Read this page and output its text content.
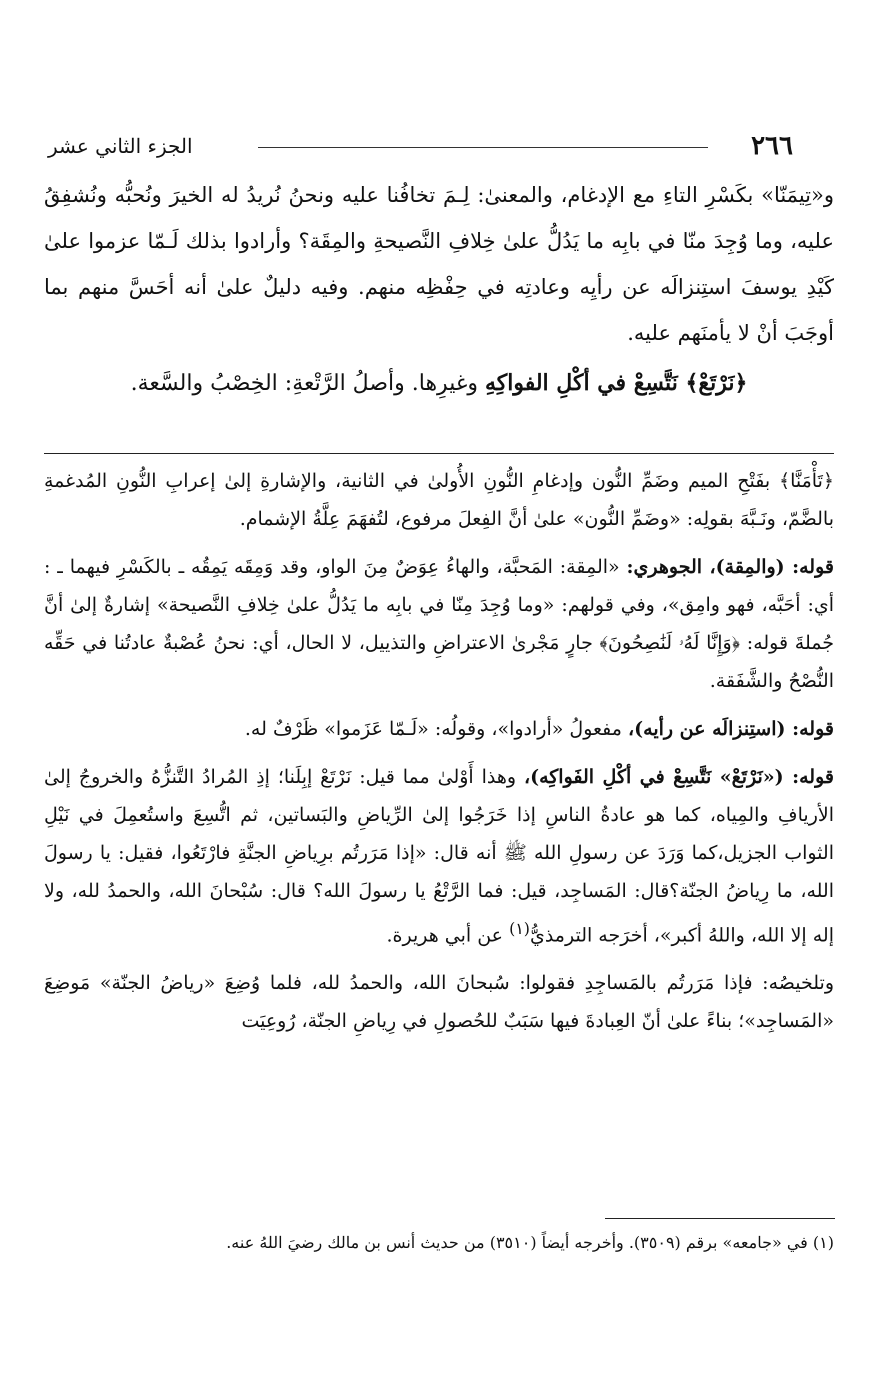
٢٦٦
الجزء الثاني عشر

و«تِيمَنّا» بكَسْرِ التاءِ مع الإدغام، والمعنىٰ: لِـمَ تخافُنا عليه ونحنُ نُريدُ له الخيرَ ونُحبُّه ونُشفِقُ عليه، وما وُجِدَ منّا في بابِه ما يَدُلُّ علىٰ خِلافِ النَّصيحةِ والمِقَة؟ وأرادوا بذلك لَـمّا عزموا علىٰ كَيْدِ يوسفَ استِنزالَه عن رأيِه وعادتِه في حِفْظِه منهم. وفيه دليلٌ علىٰ أنه أحَسَّ منهم بما أوجَبَ أنْ لا يأمنَهم عليه.

﴿نَرْتَعْ﴾ نَتَّسِعْ في أكْلِ الفواكِهِ وغيرِها. وأصلُ الرَّتْعةِ: الخِصْبُ والسَّعة.

﴿تَأْمَنَّا﴾ بفَتْحِ الميم وضَمِّ النُّون وإدغامِ النُّونِ الأُولىٰ في الثانية، والإشارةِ إلىٰ إعرابِ النُّونِ المُدغمةِ بالضَّمّ، ونَـبَّهَ بقولِه: «وضَمِّ النُّون» علىٰ أنَّ الفِعلَ مرفوع، لتُفهَمَ عِلَّةُ الإشمام.

قوله: (والمِقة)، الجوهري: «المِقة: المَحبَّة، والهاءُ عِوَضٌ مِنَ الواو، وقد وَمِقَه يَمِقُه ـ بالكَسْرِ فيهما ـ : أي: أحَبَّه، فهو وامِق»، وفي قولهم: «وما وُجِدَ مِنّا في بابِه ما يَدُلُّ علىٰ خِلافِ النَّصيحة» إشارةٌ إلىٰ أنَّ جُملةَ قوله: ﴿وَإِنَّا لَهُۥ لَنَٰصِحُونَ﴾ جارٍ مَجْرىٰ الاعتراضِ والتذييل، لا الحال، أي: نحنُ عُصْبةٌ عادتُنا في حَقِّه النُّصْحُ والشَّفَقة.

قوله: (استِنزالَه عن رأيه)، مفعولُ «أرادوا»، وقولُه: «لَـمّا عَزَموا» ظَرْفٌ له.

قوله: («نَرْتَعْ» نَتَّسِعْ في أكْلِ الفَواكِه)، وهذا أَوْلىٰ مما قيل: نَرْتَعْ إبِلَنا؛ إذِ المُرادُ التَّنزُّهُ والخروجُ إلىٰ الأريافِ والمِياه، كما هو عادةُ الناسِ إذا خَرَجُوا إلىٰ الرِّياضِ والبَساتين، ثم اتُّسِعَ واستُعمِلَ في نَيْلِ الثواب الجزيل،كما وَرَدَ عن رسولِ الله ﷺ أنه قال: «إذا مَرَرتُم برِياضِ الجنَّةِ فارْتَعُوا، فقيل: يا رسولَ الله، ما رِياضُ الجنّة؟قال: المَساجِد، قيل: فما الرَّتْعُ يا رسولَ الله؟ قال: سُبْحانَ الله، والحمدُ لله، ولا إله إلا الله، واللهُ أكبر»، أخرَجه الترمذيُّ$^{(١)}$ عن أبي هريرة.

وتلخيصُه: فإذا مَرَرتُم بالمَساجِدِ فقولوا: سُبحانَ الله، والحمدُ لله، فلما وُضِعَ «رياضُ الجنّة» مَوضِعَ «المَساجِد»؛ بناءً علىٰ أنّ العِبادةَ فيها سَبَبٌ للحُصولِ في رِياضِ الجنّة، رُوعِيَت

(١) في «جامعه» برقم (٣٥٠٩). وأخرجه أيضاً (٣٥١٠) من حديث أنس بن مالك رضيَ اللهُ عنه.
